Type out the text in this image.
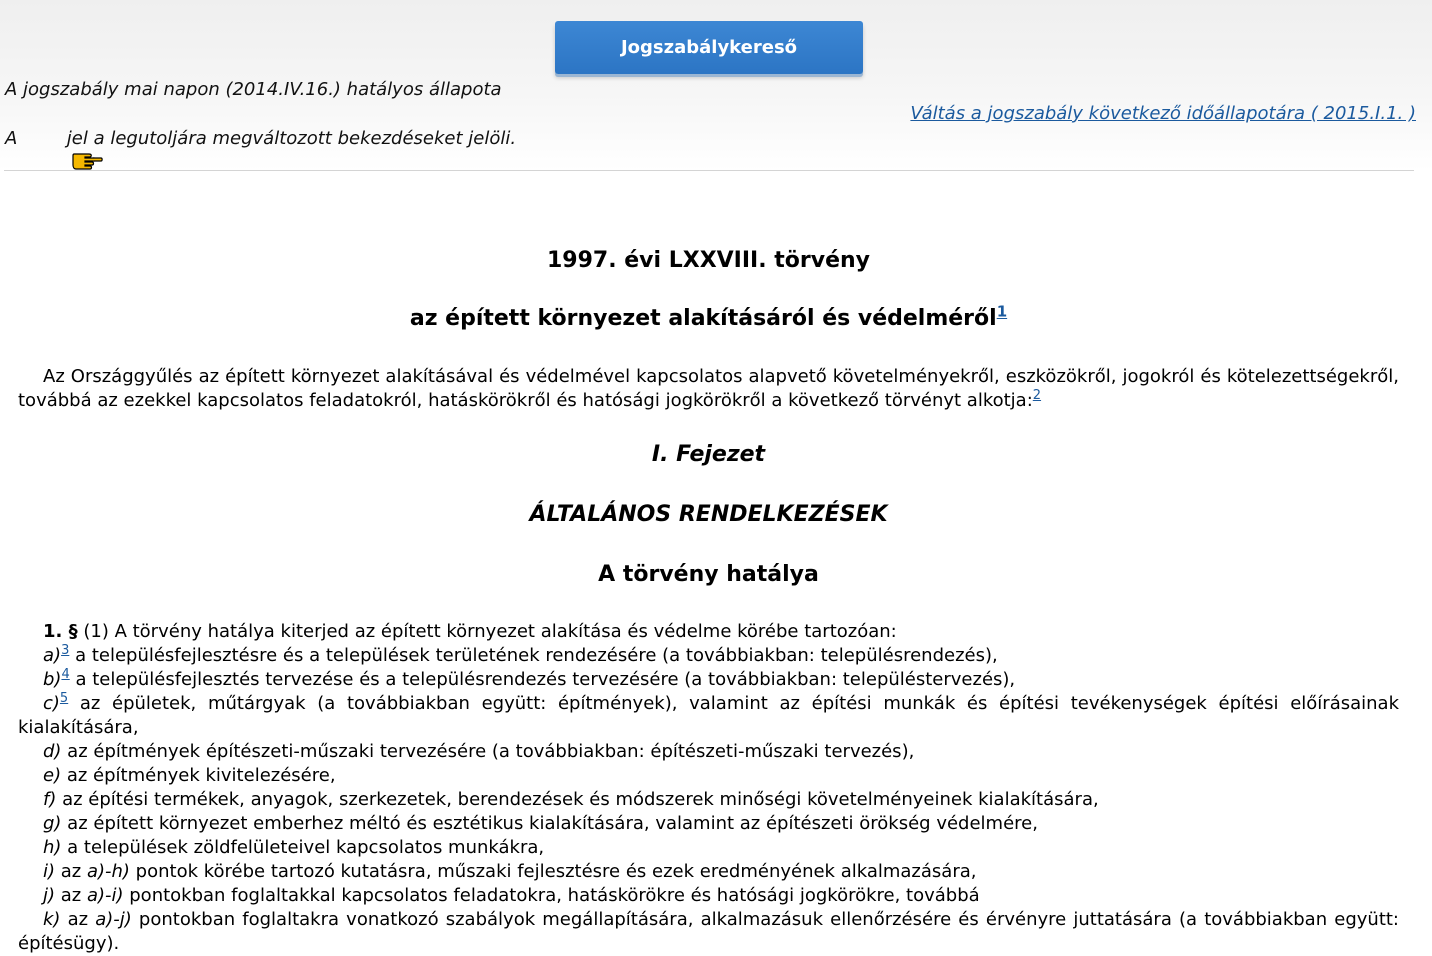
Jogszabálykereső
A jogszabály mai napon (2014.IV.16.) hatályos állapota
A

jel a legutoljára megváltozott bekezdéseket jelöli.
Váltás a jogszabály következő időállapotára ( 2015.I.1. )
1997. évi LXXVIII. törvény
az épített környezet alakításáról és védelméről$^1$
Az Országgyűlés az épített környezet alakításával és védelmével kapcsolatos alapvető követelményekről, eszközökről, jogokról és kötelezettségekről, továbbá az ezekkel kapcsolatos feladatokról, hatáskörökről és hatósági jogkörökről a következő törvényt alkotja:$^2$
I. Fejezet
ÁLTALÁNOS RENDELKEZÉSEK
A törvény hatálya
1. § (1) A törvény hatálya kiterjed az épített környezet alakítása és védelme körébe tartozóan:
a)$^3$ a településfejlesztésre és a települések területének rendezésére (a továbbiakban: településrendezés),
b)$^4$ a településfejlesztés tervezése és a településrendezés tervezésére (a továbbiakban: településtervezés),
c)$^5$ az épületek, műtárgyak (a továbbiakban együtt: építmények), valamint az építési munkák és építési tevékenységek építési előírásainak kialakítására,
d) az építmények építészeti-műszaki tervezésére (a továbbiakban: építészeti-műszaki tervezés),
e) az építmények kivitelezésére,
f) az építési termékek, anyagok, szerkezetek, berendezések és módszerek minőségi követelményeinek kialakítására,
g) az épített környezet emberhez méltó és esztétikus kialakítására, valamint az építészeti örökség védelmére,
h) a települések zöldfelületeivel kapcsolatos munkákra,
i) az a)-h) pontok körébe tartozó kutatásra, műszaki fejlesztésre és ezek eredményének alkalmazására,
j) az a)-i) pontokban foglaltakkal kapcsolatos feladatokra, hatáskörökre és hatósági jogkörökre, továbbá
k) az a)-j) pontokban foglaltakra vonatkozó szabályok megállapítására, alkalmazásuk ellenőrzésére és érvényre juttatására (a továbbiakban együtt: építésügy).
